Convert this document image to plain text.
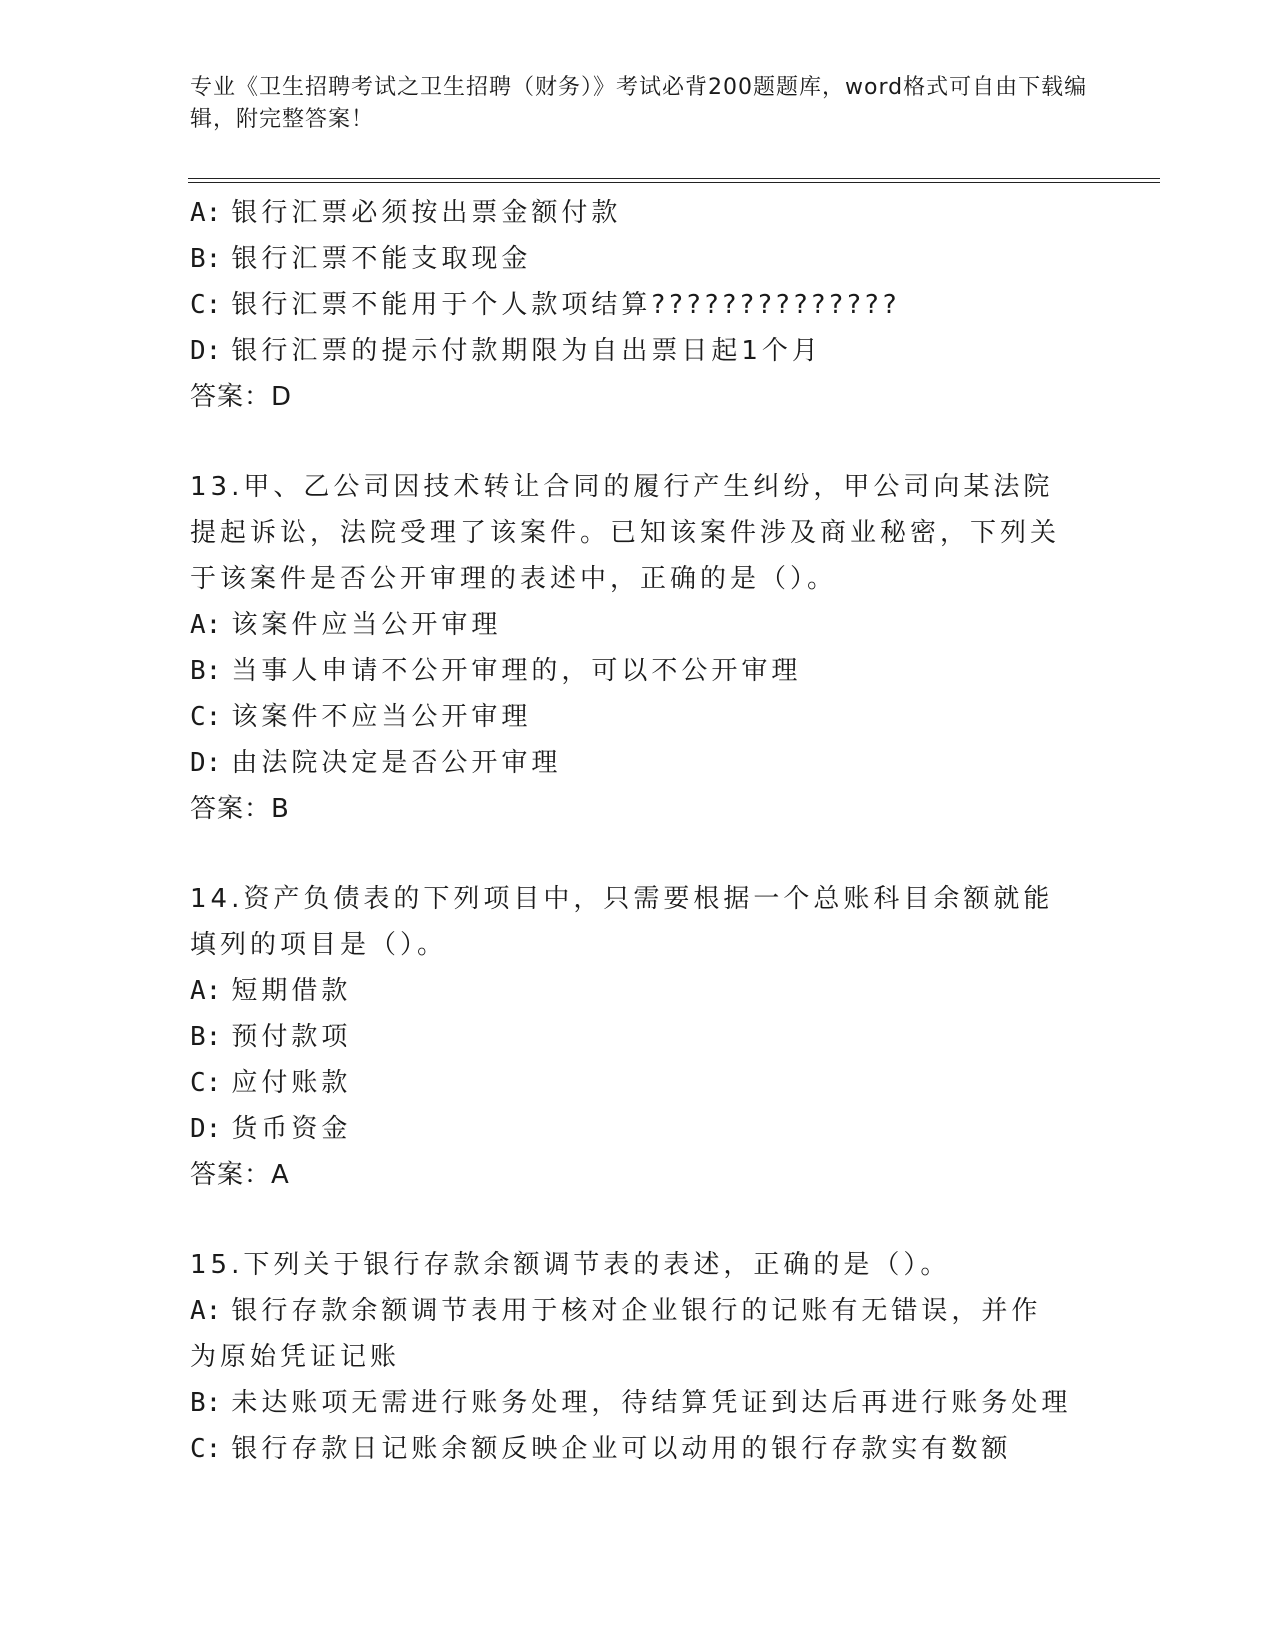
专业《卫生招聘考试之卫生招聘（财务）》考试必背200题题库，word格式可自由下载编辑，附完整答案！
A: 银行汇票必须按出票金额付款
B: 银行汇票不能支取现金
C: 银行汇票不能用于个人款项结算??????????????
D: 银行汇票的提示付款期限为自出票日起1个月
答案：D
13.甲、乙公司因技术转让合同的履行产生纠纷，甲公司向某法院提起诉讼，法院受理了该案件。已知该案件涉及商业秘密，下列关于该案件是否公开审理的表述中，正确的是（）。
A: 该案件应当公开审理
B: 当事人申请不公开审理的，可以不公开审理
C: 该案件不应当公开审理
D: 由法院决定是否公开审理
答案：B
14.资产负债表的下列项目中，只需要根据一个总账科目余额就能填列的项目是（）。
A: 短期借款
B: 预付款项
C: 应付账款
D: 货币资金
答案：A
15.下列关于银行存款余额调节表的表述，正确的是（）。
A: 银行存款余额调节表用于核对企业银行的记账有无错误，并作为原始凭证记账
B: 未达账项无需进行账务处理，待结算凭证到达后再进行账务处理
C: 银行存款日记账余额反映企业可以动用的银行存款实有数额
